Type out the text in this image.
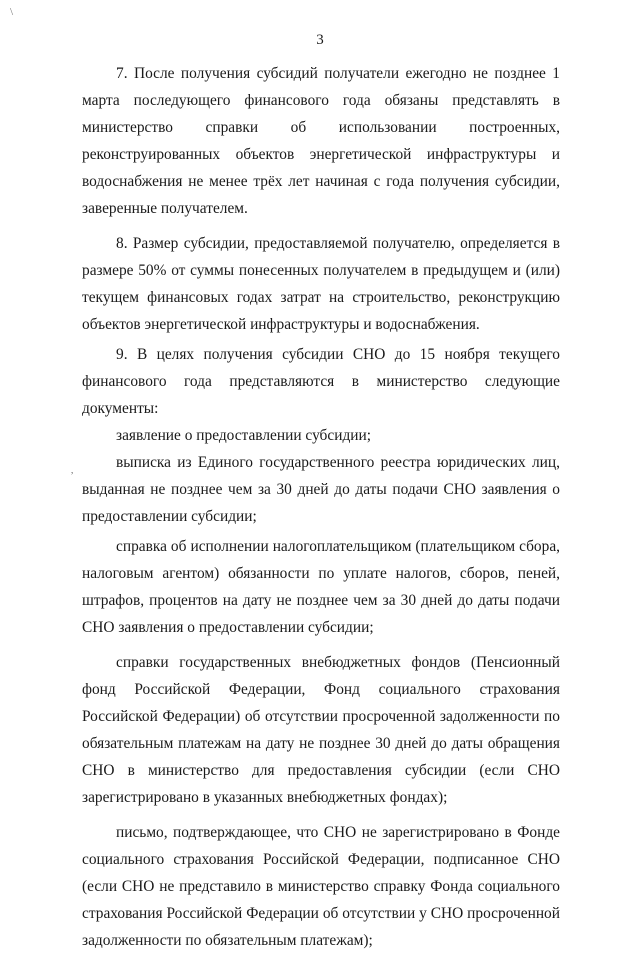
\
3

7. После получения субсидий получатели ежегодно не позднее 1 марта последующего финансового года обязаны представлять в министерство справки об использовании построенных, реконструированных объектов энергетической инфраструктуры и водоснабжения не менее трёх лет начиная с года получения субсидии, заверенные получателем.

8. Размер субсидии, предоставляемой получателю, определяется в размере 50% от суммы понесенных получателем в предыдущем и (или) текущем финансовых годах затрат на строительство, реконструкцию объектов энергетической инфраструктуры и водоснабжения.

9. В целях получения субсидии СНО до 15 ноября текущего финансового года представляются в министерство следующие документы:

заявление о предоставлении субсидии;

выписка из Единого государственного реестра юридических лиц, выданная не позднее чем за 30 дней до даты подачи СНО заявления о предоставлении субсидии;

справка об исполнении налогоплательщиком (плательщиком сбора, налоговым агентом) обязанности по уплате налогов, сборов, пеней, штрафов, процентов на дату не позднее чем за 30 дней до даты подачи СНО заявления о предоставлении субсидии;

справки государственных внебюджетных фондов (Пенсионный фонд Российской Федерации, Фонд социального страхования Российской Федерации) об отсутствии просроченной задолженности по обязательным платежам на дату не позднее 30 дней до даты обращения СНО в министерство для предоставления субсидии (если СНО зарегистрировано в указанных внебюджетных фондах);

письмо, подтверждающее, что СНО не зарегистрировано в Фонде социального страхования Российской Федерации, подписанное СНО (если СНО не представило в министерство справку Фонда социального страхования Российской Федерации об отсутствии у СНО просроченной задолженности по обязательным платежам);

,
